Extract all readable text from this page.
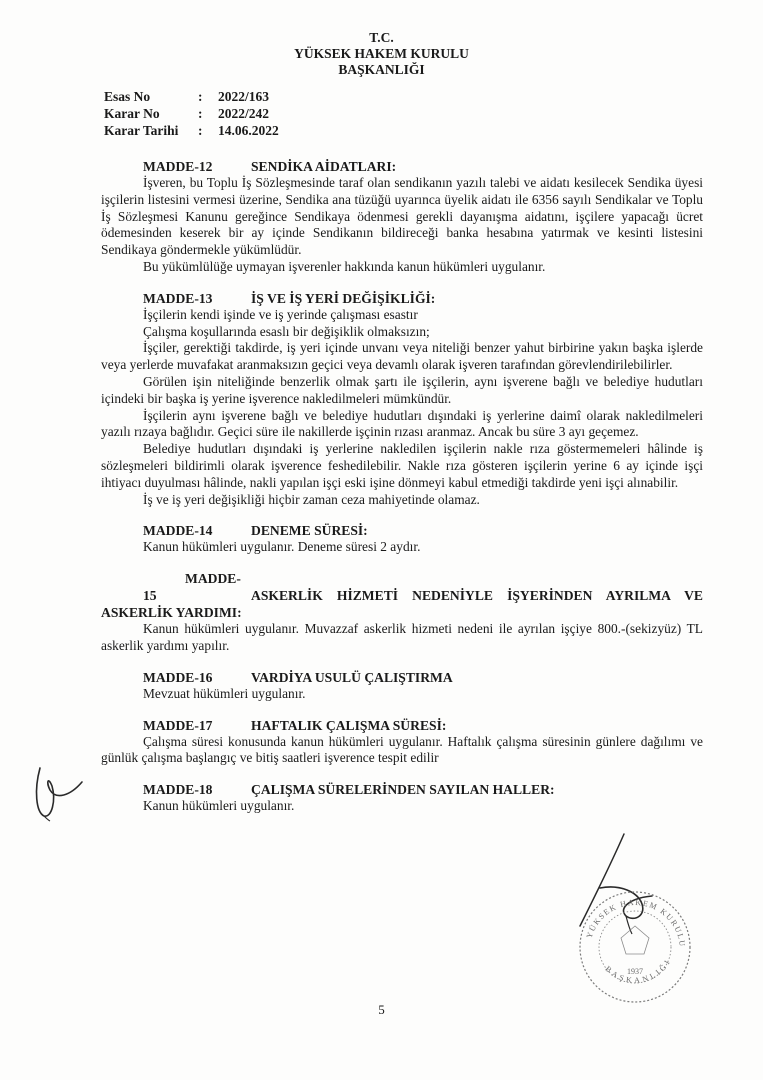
T.C.
YÜKSEK HAKEM KURULU
BAŞKANLIĞI
Esas No	:	2022/163
Karar No	:	2022/242
Karar Tarihi	:	14.06.2022
MADDE-12	SENDİKA AİDATLARI:

İşveren, bu Toplu İş Sözleşmesinde taraf olan sendikanın yazılı talebi ve aidatı kesilecek Sendika üyesi işçilerin listesini vermesi üzerine, Sendika ana tüzüğü uyarınca üyelik aidatı ile 6356 sayılı Sendikalar ve Toplu İş Sözleşmesi Kanunu gereğince Sendikaya ödenmesi gerekli dayanışma aidatını, işçilere yapacağı ücret ödemesinden keserek bir ay içinde Sendikanın bildireceği banka hesabına yatırmak ve kesinti listesini Sendikaya göndermekle yükümlüdür.

Bu yükümlülüğe uymayan işverenler hakkında kanun hükümleri uygulanır.

MADDE-13	İŞ VE İŞ YERİ DEĞİŞİKLİĞİ:

İşçilerin kendi işinde ve iş yerinde çalışması esastır

Çalışma koşullarında esaslı bir değişiklik olmaksızın;

İşçiler, gerektiği takdirde, iş yeri içinde unvanı veya niteliği benzer yahut birbirine yakın başka işlerde veya yerlerde muvafakat aranmaksızın geçici veya devamlı olarak işveren tarafından görevlendirilebilirler.

Görülen işin niteliğinde benzerlik olmak şartı ile işçilerin, aynı işverene bağlı ve belediye hudutları içindeki bir başka iş yerine işverence nakledilmeleri mümkündür.

İşçilerin aynı işverene bağlı ve belediye hudutları dışındaki iş yerlerine daimî olarak nakledilmeleri yazılı rızaya bağlıdır. Geçici süre ile nakillerde işçinin rızası aranmaz. Ancak bu süre 3 ayı geçemez.

Belediye hudutları dışındaki iş yerlerine nakledilen işçilerin nakle rıza göstermemeleri hâlinde iş sözleşmeleri bildirimli olarak işverence feshedilebilir. Nakle rıza gösteren işçilerin yerine 6 ay içinde işçi ihtiyacı duyulması hâlinde, nakli yapılan işçi eski işine dönmeyi kabul etmediği takdirde yeni işçi alınabilir.

İş ve iş yeri değişikliği hiçbir zaman ceza mahiyetinde olamaz.

MADDE-14	DENEME SÜRESİ:

Kanun hükümleri uygulanır. Deneme süresi 2 aydır.

MADDE-15	ASKERLİK HİZMETİ NEDENİYLE İŞYERİNDEN AYRILMA VE ASKERLİK YARDIMI:

Kanun hükümleri uygulanır. Muvazzaf askerlik hizmeti nedeni ile ayrılan işçiye 800.-(sekizyüz) TL askerlik yardımı yapılır.

MADDE-16	VARDİYA USULÜ ÇALIŞTIRMA

Mevzuat hükümleri uygulanır.

MADDE-17	HAFTALIK ÇALIŞMA SÜRESİ:

Çalışma süresi konusunda kanun hükümleri uygulanır. Haftalık çalışma süresinin günlere dağılımı ve günlük çalışma başlangıç ve bitiş saatleri işverence tespit edilir

MADDE-18	ÇALIŞMA SÜRELERİNDEN SAYILAN HALLER:

Kanun hükümleri uygulanır.

YÜKSEK HAKEM KURULU
BAŞKANLIĞI
1937
5
